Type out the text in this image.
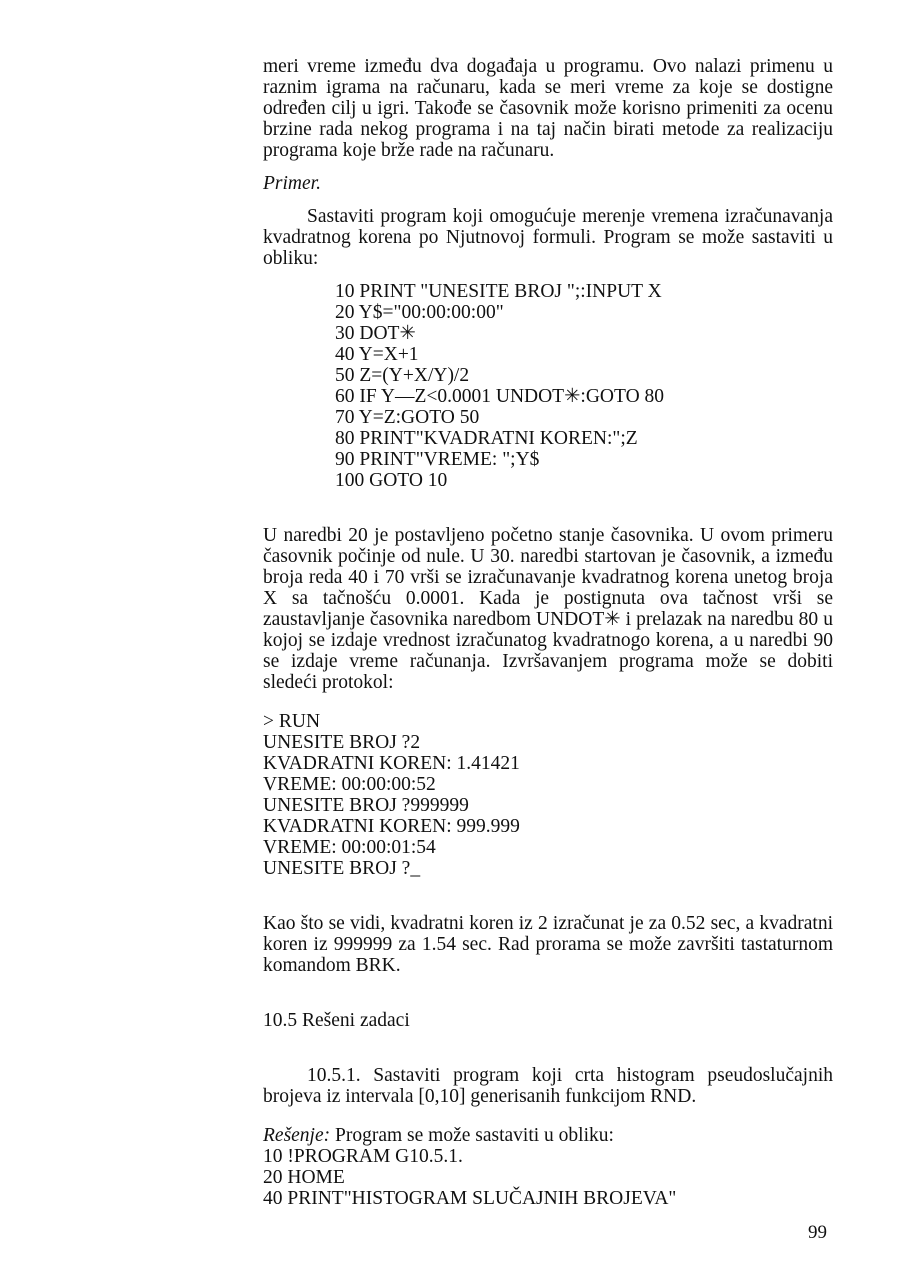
meri vreme između dva događaja u programu. Ovo nalazi primenu u raznim igrama na računaru, kada se meri vreme za koje se dostigne određen cilj u igri. Takođe se časovnik može korisno primeniti za ocenu brzine rada nekog programa i na taj način birati metode za realizaciju programa koje brže rade na računaru.

Primer.

Sastaviti program koji omogućuje merenje vremena izračunavanja kvadratnog korena po Njutnovoj formuli. Program se može sastaviti u obliku:

10 PRINT "UNESITE BROJ ";:INPUT X
20 Y$="00:00:00:00"
30 DOT✳
40 Y=X+1
50 Z=(Y+X/Y)/2
60 IF Y—Z<0.0001 UNDOT✳:GOTO 80
70 Y=Z:GOTO 50
80 PRINT"KVADRATNI KOREN:";Z
90 PRINT"VREME: ";Y$
100 GOTO 10

U naredbi 20 je postavljeno početno stanje časovnika. U ovom primeru časovnik počinje od nule. U 30. naredbi startovan je časovnik, a između broja reda 40 i 70 vrši se izračunavanje kvadratnog korena unetog broja X sa tačnošću 0.0001. Kada je postignuta ova tačnost vrši se zaustavljanje časovnika naredbom UNDOT✳ i prelazak na naredbu 80 u kojoj se izdaje vrednost izračunatog kvadratnogo korena, a u naredbi 90 se izdaje vreme računanja. Izvršavanjem programa može se dobiti sledeći protokol:

> RUN
UNESITE BROJ ?2
KVADRATNI KOREN: 1.41421
VREME: 00:00:00:52
UNESITE BROJ ?999999
KVADRATNI KOREN: 999.999
VREME: 00:00:01:54
UNESITE BROJ ?_

Kao što se vidi, kvadratni koren iz 2 izračunat je za 0.52 sec, a kvadratni koren iz 999999 za 1.54 sec. Rad prorama se može završiti tastaturnom komandom BRK.

10.5 Rešeni zadaci

10.5.1. Sastaviti program koji crta histogram pseudoslučajnih brojeva iz intervala [0,10] generisanih funkcijom RND.

Rešenje: Program se može sastaviti u obliku:

10 !PROGRAM G10.5.1.
20 HOME
40 PRINT"HISTOGRAM SLUČAJNIH BROJEVA"
99
